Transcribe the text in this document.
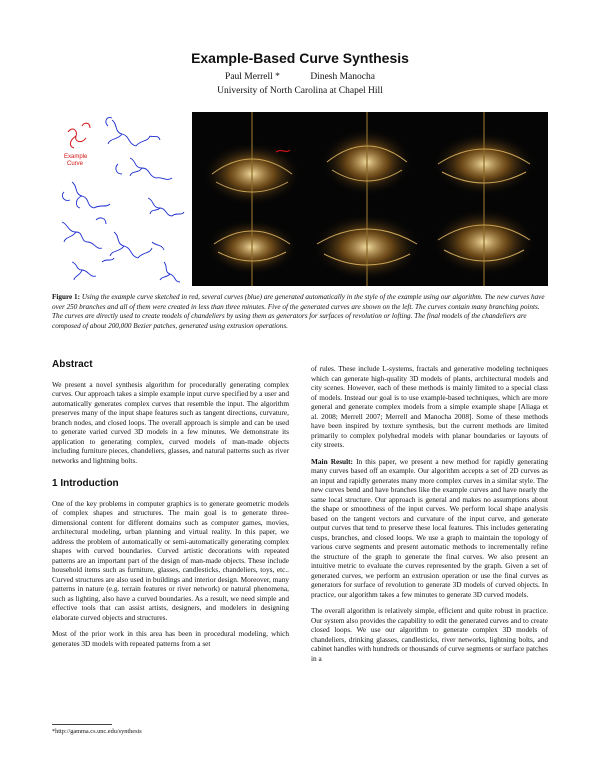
Example-Based Curve Synthesis
Paul Merrell *	Dinesh Manocha
University of North Carolina at Chapel Hill
Example
Curve
Figure 1: Using the example curve sketched in red, several curves (blue) are generated automatically in the style of the example using our algorithm. The new curves have over 250 branches and all of them were created in less than three minutes. Five of the generated curves are shown on the left. The curves contain many branching points. The curves are directly used to create models of chandeliers by using them as generators for surfaces of revolution or lofting. The final models of the chandeliers are composed of about 200,000 Bezier patches, generated using extrusion operations.
Abstract

We present a novel synthesis algorithm for procedurally generating complex curves. Our approach takes a simple example input curve specified by a user and automatically generates complex curves that resemble the input. The algorithm preserves many of the input shape features such as tangent directions, curvature, branch nodes, and closed loops. The overall approach is simple and can be used to generate varied curved 3D models in a few minutes. We demonstrate its application to generating complex, curved models of man-made objects including furniture pieces, chandeliers, glasses, and natural patterns such as river networks and lightning bolts.

1 Introduction

One of the key problems in computer graphics is to generate geometric models of complex shapes and structures. The main goal is to generate three-dimensional content for different domains such as computer games, movies, architectural modeling, urban planning and virtual reality. In this paper, we address the problem of automatically or semi-automatically generating complex shapes with curved boundaries. Curved artistic decorations with repeated patterns are an important part of the design of man-made objects. These include household items such as furniture, glasses, candlesticks, chandeliers, toys, etc.. Curved structures are also used in buildings and interior design. Moreover, many patterns in nature (e.g. terrain features or river network) or natural phenomena, such as lighting, also have a curved boundaries. As a result, we need simple and effective tools that can assist artists, designers, and modelers in designing elaborate curved objects and structures.

Most of the prior work in this area has been in procedural modeling, which generates 3D models with repeated patterns from a set

*http://gamma.cs.unc.edu/synthesis

of rules. These include L-systems, fractals and generative modeling techniques which can generate high-quality 3D models of plants, architectural models and city scenes. However, each of these methods is mainly limited to a special class of models. Instead our goal is to use example-based techniques, which are more general and generate complex models from a simple example shape [Aliaga et al. 2008; Merrell 2007; Merrell and Manocha 2008]. Some of these methods have been inspired by texture synthesis, but the current methods are limited primarily to complex polyhedral models with planar boundaries or layouts of city streets.

Main Result: In this paper, we present a new method for rapidly generating many curves based off an example. Our algorithm accepts a set of 2D curves as an input and rapidly generates many more complex curves in a similar style. The new curves bend and have branches like the example curves and have nearly the same local structure. Our approach is general and makes no assumptions about the shape or smoothness of the input curves. We perform local shape analysis based on the tangent vectors and curvature of the input curve, and generate output curves that tend to preserve these local features. This includes generating cusps, branches, and closed loops. We use a graph to maintain the topology of various curve segments and present automatic methods to incrementally refine the structure of the graph to generate the final curves. We also present an intuitive metric to evaluate the curves represented by the graph. Given a set of generated curves, we perform an extrusion operation or use the final curves as generators for surface of revolution to generate 3D models of curved objects. In practice, our algorithm takes a few minutes to generate 3D curved models.

The overall algorithm is relatively simple, efficient and quite robust in practice. Our system also provides the capability to edit the generated curves and to create closed loops. We use our algorithm to generate complex 3D models of chandeliers, drinking glasses, candlesticks, river networks, lightning bolts, and cabinet handles with hundreds or thousands of curve segments or surface patches in a
